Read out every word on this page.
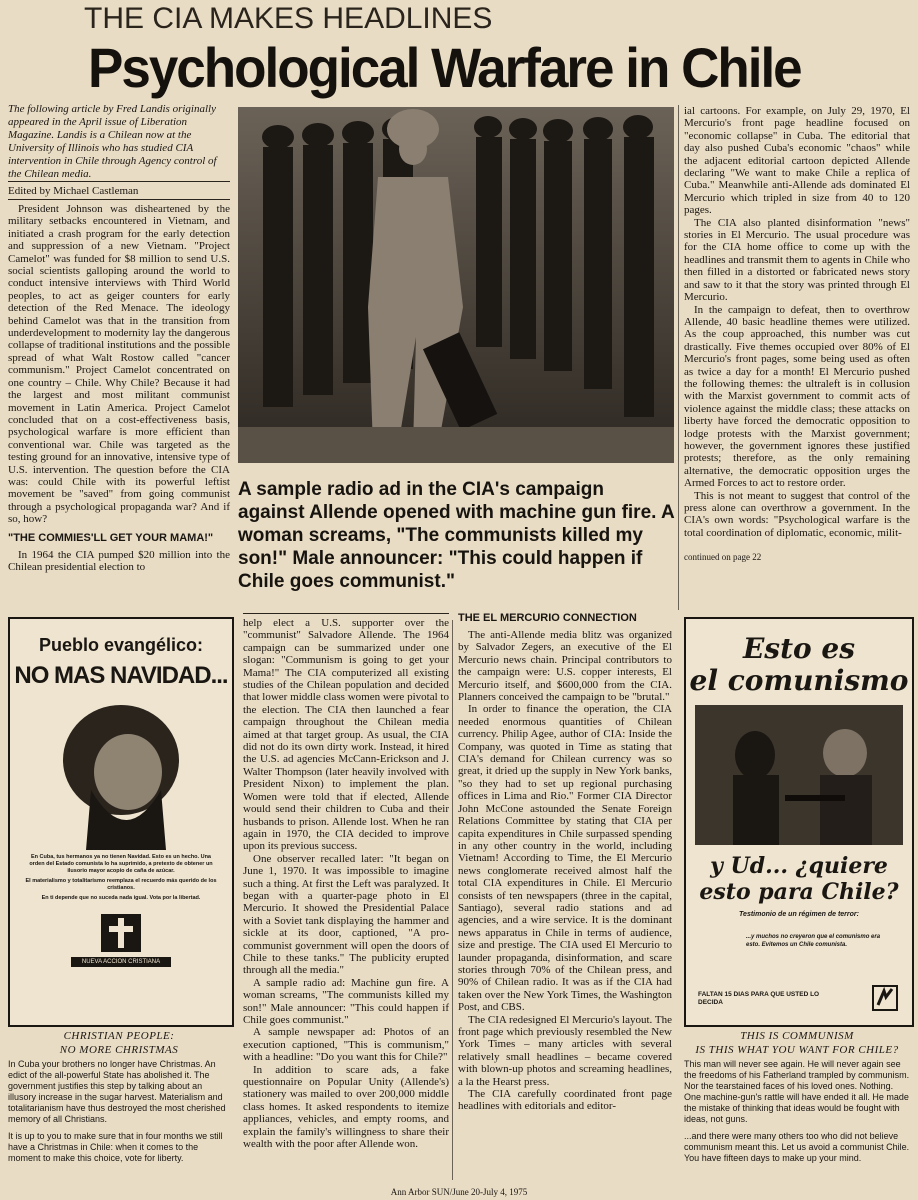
THE CIA MAKES HEADLINES
Psychological Warfare in Chile
The following article by Fred Landis originally appeared in the April issue of Liberation Magazine. Landis is a Chilean now at the University of Illinois who has studied CIA intervention in Chile through Agency control of the Chilean media.
Edited by Michael Castleman

President Johnson was disheartened by the military setbacks encountered in Vietnam, and initiated a crash program for the early detection and suppression of a new Vietnam. "Project Camelot" was funded for $8 million to send U.S. social scientists galloping around the world to conduct intensive interviews with Third World peoples, to act as geiger counters for early detection of the Red Menace. The ideology behind Camelot was that in the transition from underdevelopment to modernity lay the dangerous collapse of traditional institutions and the possible spread of what Walt Rostow called "cancer communism." Project Camelot concentrated on one country – Chile. Why Chile? Because it had the largest and most militant communist movement in Latin America. Project Camelot concluded that on a cost-effectiveness basis, psychological warfare is more efficient than conventional war. Chile was targeted as the testing ground for an innovative, intensive type of U.S. intervention. The question before the CIA was: could Chile with its powerful leftist movement be "saved" from going communist through a psychological propaganda war? And if so, how?

"THE COMMIES'LL GET YOUR MAMA!"

In 1964 the CIA pumped $20 million into the Chilean presidential election to

A sample radio ad in the CIA's campaign against Allende opened with machine gun fire. A woman screams, "The communists killed my son!" Male announcer: "This could happen if Chile goes communist."

help elect a U.S. supporter over the "communist" Salvadore Allende. The 1964 campaign can be summarized under one slogan: "Communism is going to get your Mama!" The CIA computerized all existing studies of the Chilean population and decided that lower middle class women were pivotal to the election. The CIA then launched a fear campaign throughout the Chilean media aimed at that target group. As usual, the CIA did not do its own dirty work. Instead, it hired the U.S. ad agencies McCann-Erickson and J. Walter Thompson (later heavily involved with President Nixon) to implement the plan. Women were told that if elected, Allende would send their children to Cuba and their husbands to prison. Allende lost. When he ran again in 1970, the CIA decided to improve upon its previous success.

One observer recalled later: "It began on June 1, 1970. It was impossible to imagine such a thing. At first the Left was paralyzed. It began with a quarter-page photo in El Mercurio. It showed the Presidential Palace with a Soviet tank displaying the hammer and sickle at its door, captioned, "A pro-communist government will open the doors of Chile to these tanks." The publicity erupted through all the media."

A sample radio ad: Machine gun fire. A woman screams, "The communists killed my son!" Male announcer: "This could happen if Chile goes communist."

A sample newspaper ad: Photos of an execution captioned, "This is communism," with a headline: "Do you want this for Chile?"

In addition to scare ads, a fake questionnaire on Popular Unity (Allende's) stationery was mailed to over 200,000 middle class homes. It asked respondents to itemize appliances, vehicles, and empty rooms, and explain the family's willingness to share their wealth with the poor after Allende won.

THE EL MERCURIO CONNECTION

The anti-Allende media blitz was organized by Salvador Zegers, an executive of the El Mercurio news chain. Principal contributors to the campaign were: U.S. copper interests, El Mercurio itself, and $600,000 from the CIA. Planners conceived the campaign to be "brutal."

In order to finance the operation, the CIA needed enormous quantities of Chilean currency. Philip Agee, author of CIA: Inside the Company, was quoted in Time as stating that CIA's demand for Chilean currency was so great, it dried up the supply in New York banks, "so they had to set up regional purchasing offices in Lima and Rio." Former CIA Director John McCone astounded the Senate Foreign Relations Committee by stating that CIA per capita expenditures in Chile surpassed spending in any other country in the world, including Vietnam! According to Time, the El Mercurio news conglomerate received almost half the total CIA expenditures in Chile. El Mercurio consists of ten newspapers (three in the capital, Santiago), several radio stations and ad agencies, and a wire service. It is the dominant news apparatus in Chile in terms of audience, size and prestige. The CIA used El Mercurio to launder propaganda, disinformation, and scare stories through 70% of the Chilean press, and 90% of Chilean radio. It was as if the CIA had taken over the New York Times, the Washington Post, and CBS.

The CIA redesigned El Mercurio's layout. The front page which previously resembled the New York Times – many articles with several relatively small headlines – became covered with blown-up photos and screaming headlines, a la the Hearst press.

The CIA carefully coordinated front page headlines with editorials and editor-

ial cartoons. For example, on July 29, 1970, El Mercurio's front page headline focused on "economic collapse" in Cuba. The editorial that day also pushed Cuba's economic "chaos" while the adjacent editorial cartoon depicted Allende declaring "We want to make Chile a replica of Cuba." Meanwhile anti-Allende ads dominated El Mercurio which tripled in size from 40 to 120 pages.

The CIA also planted disinformation "news" stories in El Mercurio. The usual procedure was for the CIA home office to come up with the headlines and transmit them to agents in Chile who then filled in a distorted or fabricated news story and saw to it that the story was printed through El Mercurio.

In the campaign to defeat, then to overthrow Allende, 40 basic headline themes were utilized. As the coup approached, this number was cut drastically. Five themes occupied over 80% of El Mercurio's front pages, some being used as often as twice a day for a month! El Mercurio pushed the following themes: the ultraleft is in collusion with the Marxist government to commit acts of violence against the middle class; these attacks on liberty have forced the democratic opposition to lodge protests with the Marxist government; however, the government ignores these justified protests; therefore, as the only remaining alternative, the democratic opposition urges the Armed Forces to act to restore order.

This is not meant to suggest that control of the press alone can overthrow a government. In the CIA's own words: "Psychological warfare is the total coordination of diplomatic, economic, milit-

continued on page 22
Pueblo evangélico:
NO MAS NAVIDAD...
En Cuba, tus hermanos ya no tienen Navidad. Esto es un hecho. Una orden del Estado comunista lo ha suprimido, a pretexto de obtener un ilusorio mayor acopio de caña de azúcar.
El materialismo y totalitarismo reemplaza el recuerdo más querido de los cristianos.
En ti depende que no suceda nada igual. Vota por la libertad.
NUEVA ACCION CRISTIANA
CHRISTIAN PEOPLE:
NO MORE CHRISTMAS
In Cuba your brothers no longer have Christmas. An edict of the all-powerful State has abolished it. The government justifies this step by talking about an illusory increase in the sugar harvest. Materialism and totalitarianism have thus destroyed the most cherished memory of all Christians.
It is up to you to make sure that in four months we still have a Christmas in Chile: when it comes to the moment to make this choice, vote for liberty.
Esto es
el comunismo
y Ud... ¿quiere
esto para Chile?
Testimonio de un régimen de terror:
...y muchos no creyeron que el comunismo era esto. Evitemos un Chile comunista.
FALTAN 15 DIAS PARA QUE USTED LO DECIDA
THIS IS COMMUNISM
IS THIS WHAT YOU WANT FOR CHILE?
This man will never see again. He will never again see the freedoms of his Fatherland trampled by communism. Nor the tearstained faces of his loved ones. Nothing. One machine-gun's rattle will have ended it all. He made the mistake of thinking that ideas would be fought with ideas, not guns.
...and there were many others too who did not believe communism meant this. Let us avoid a communist Chile. You have fifteen days to make up your mind.
Ann Arbor SUN/June 20-July 4, 1975
